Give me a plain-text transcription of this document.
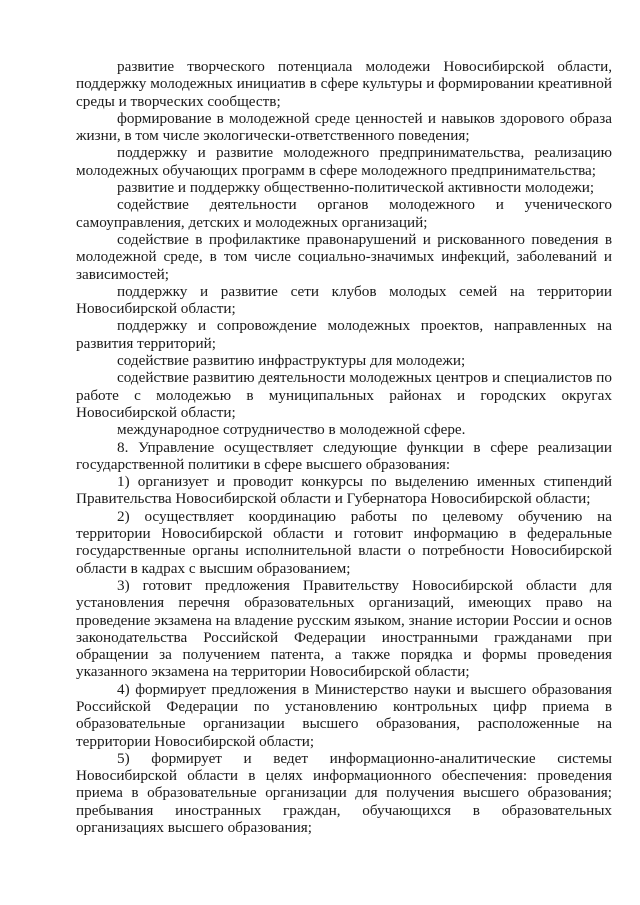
развитие творческого потенциала молодежи Новосибирской области, поддержку молодежных инициатив в сфере культуры и формировании креативной среды и творческих сообществ;

формирование в молодежной среде ценностей и навыков здорового образа жизни, в том числе экологически-ответственного поведения;

поддержку и развитие молодежного предпринимательства, реализацию молодежных обучающих программ в сфере молодежного предпринимательства;

развитие и поддержку общественно-политической активности молодежи;

содействие деятельности органов молодежного и ученического самоуправления, детских и молодежных организаций;

содействие в профилактике правонарушений и рискованного поведения в молодежной среде, в том числе социально-значимых инфекций, заболеваний и зависимостей;

поддержку и развитие сети клубов молодых семей на территории Новосибирской области;

поддержку и сопровождение молодежных проектов, направленных на развития территорий;

содействие развитию инфраструктуры для молодежи;

содействие развитию деятельности молодежных центров и специалистов по работе с молодежью в муниципальных районах и городских округах Новосибирской области;

международное сотрудничество в молодежной сфере.

8. Управление осуществляет следующие функции в сфере реализации государственной политики в сфере высшего образования:

1) организует и проводит конкурсы по выделению именных стипендий Правительства Новосибирской области и Губернатора Новосибирской области;

2) осуществляет координацию работы по целевому обучению на территории Новосибирской области и готовит информацию в федеральные государственные органы исполнительной власти о потребности Новосибирской области в кадрах с высшим образованием;

3) готовит предложения Правительству Новосибирской области для установления перечня образовательных организаций, имеющих право на проведение экзамена на владение русским языком, знание истории России и основ законодательства Российской Федерации иностранными гражданами при обращении за получением патента, а также порядка и формы проведения указанного экзамена на территории Новосибирской области;

4) формирует предложения в Министерство науки и высшего образования Российской Федерации по установлению контрольных цифр приема в образовательные организации высшего образования, расположенные на территории Новосибирской области;

5) формирует и ведет информационно-аналитические системы Новосибирской области в целях информационного обеспечения: проведения приема в образовательные организации для получения высшего образования; пребывания иностранных граждан, обучающихся в образовательных организациях высшего образования;
